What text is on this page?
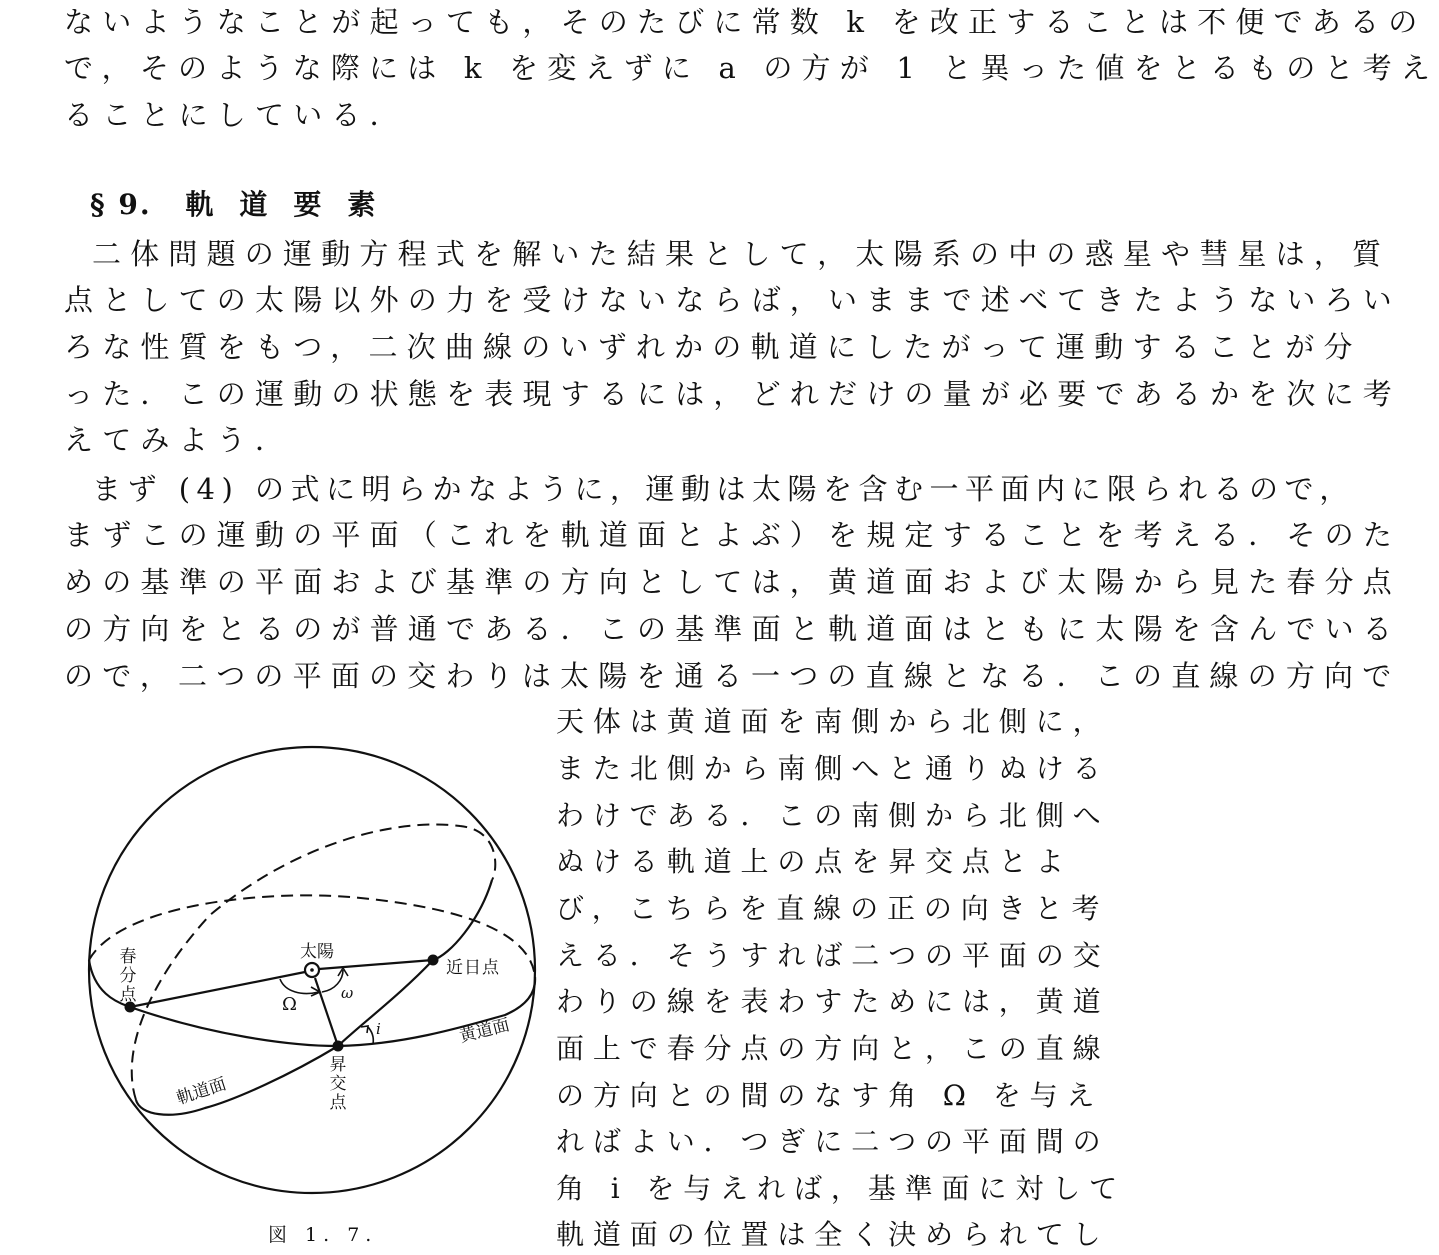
ないようなことが起っても，そのたびに常数 k を改正することは不便であるの
で，そのような際には k を変えずに a の方が 1 と異った値をとるものと考え
ることにしている．
§ 9. 軌道要素
二体問題の運動方程式を解いた結果として，太陽系の中の惑星や彗星は，質
点としての太陽以外の力を受けないならば，いままで述べてきたようないろい
ろな性質をもつ，二次曲線のいずれかの軌道にしたがって運動することが分
った．この運動の状態を表現するには，どれだけの量が必要であるかを次に考
えてみよう．
まず (4) の式に明らかなように，運動は太陽を含む一平面内に限られるので，
まずこの運動の平面（これを軌道面とよぶ）を規定することを考える．そのた
めの基準の平面および基準の方向としては，黄道面および太陽から見た春分点
の方向をとるのが普通である．この基準面と軌道面はともに太陽を含んでいる
ので，二つの平面の交わりは太陽を通る一つの直線となる．この直線の方向で
天体は黄道面を南側から北側に，
また北側から南側へと通りぬける
わけである．この南側から北側へ
ぬける軌道上の点を昇交点とよ
び，こちらを直線の正の向きと考
える．そうすれば二つの平面の交
わりの線を表わすためには，黄道
面上で春分点の方向と，この直線
の方向との間のなす角 Ω を与え
ればよい．つぎに二つの平面間の
角 i を与えれば，基準面に対して
軌道面の位置は全く決められてし
春
分
点
太陽
近日点
昇
交
点
黄道面
軌道面
Ω
ω
i
図 1. 7.
